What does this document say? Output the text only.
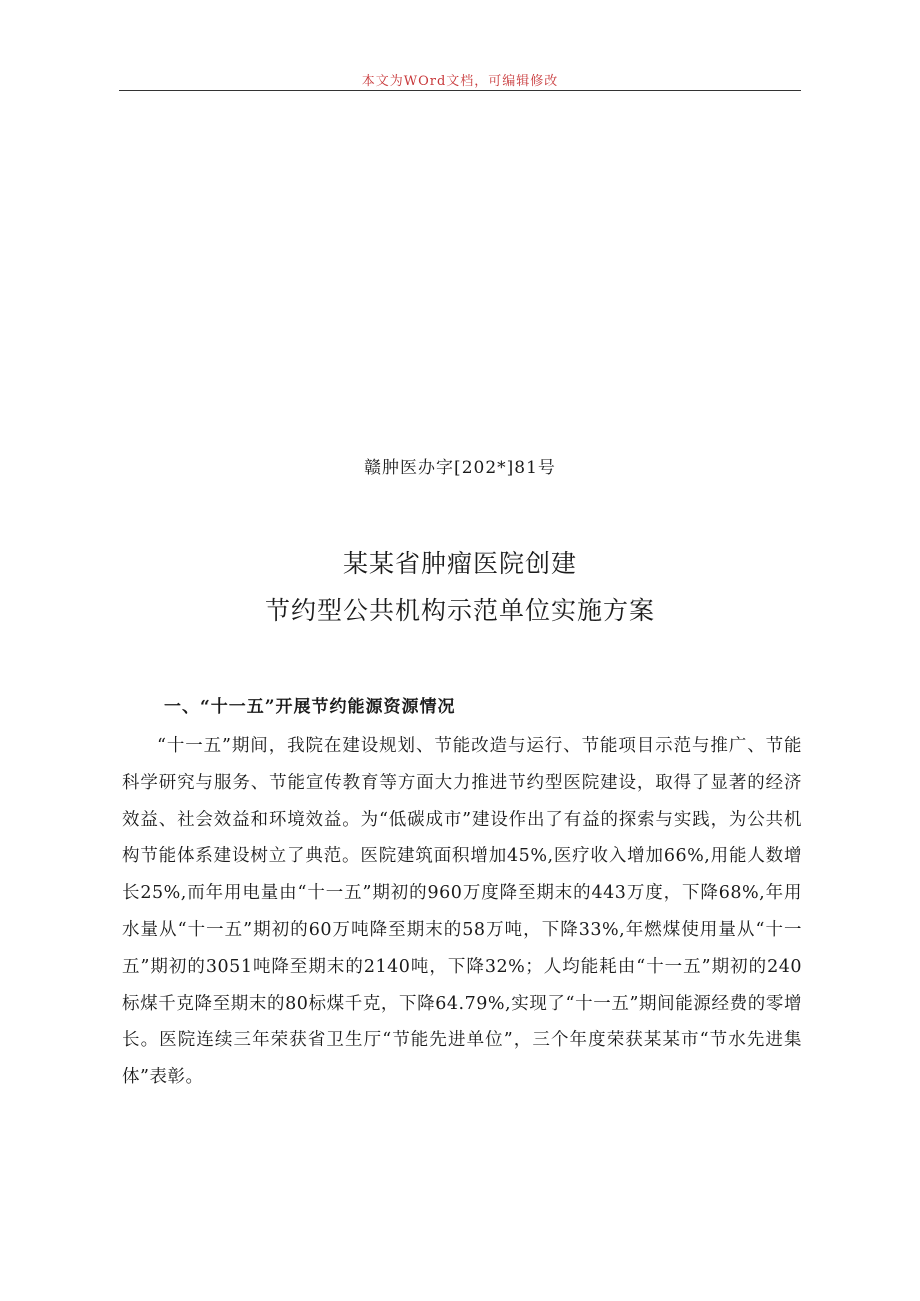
本文为WOrd文档，可编辑修改
赣肿医办字[202*]81号
某某省肿瘤医院创建
节约型公共机构示范单位实施方案
一、“十一五”开展节约能源资源情况

“十一五”期间，我院在建设规划、节能改造与运行、节能项目示范与推广、节能科学研究与服务、节能宣传教育等方面大力推进节约型医院建设，取得了显著的经济效益、社会效益和环境效益。为“低碳成市”建设作出了有益的探索与实践，为公共机构节能体系建设树立了典范。医院建筑面积增加45%,医疗收入增加66%,用能人数增长25%,而年用电量由“十一五”期初的960万度降至期末的443万度，下降68%,年用水量从“十一五”期初的60万吨降至期末的58万吨，下降33%,年燃煤使用量从“十一五”期初的3051吨降至期末的2140吨，下降32%；人均能耗由“十一五”期初的240标煤千克降至期末的80标煤千克，下降64.79%,实现了“十一五”期间能源经费的零增长。医院连续三年荣获省卫生厅“节能先进单位”，三个年度荣获某某市“节水先进集体”表彰。
